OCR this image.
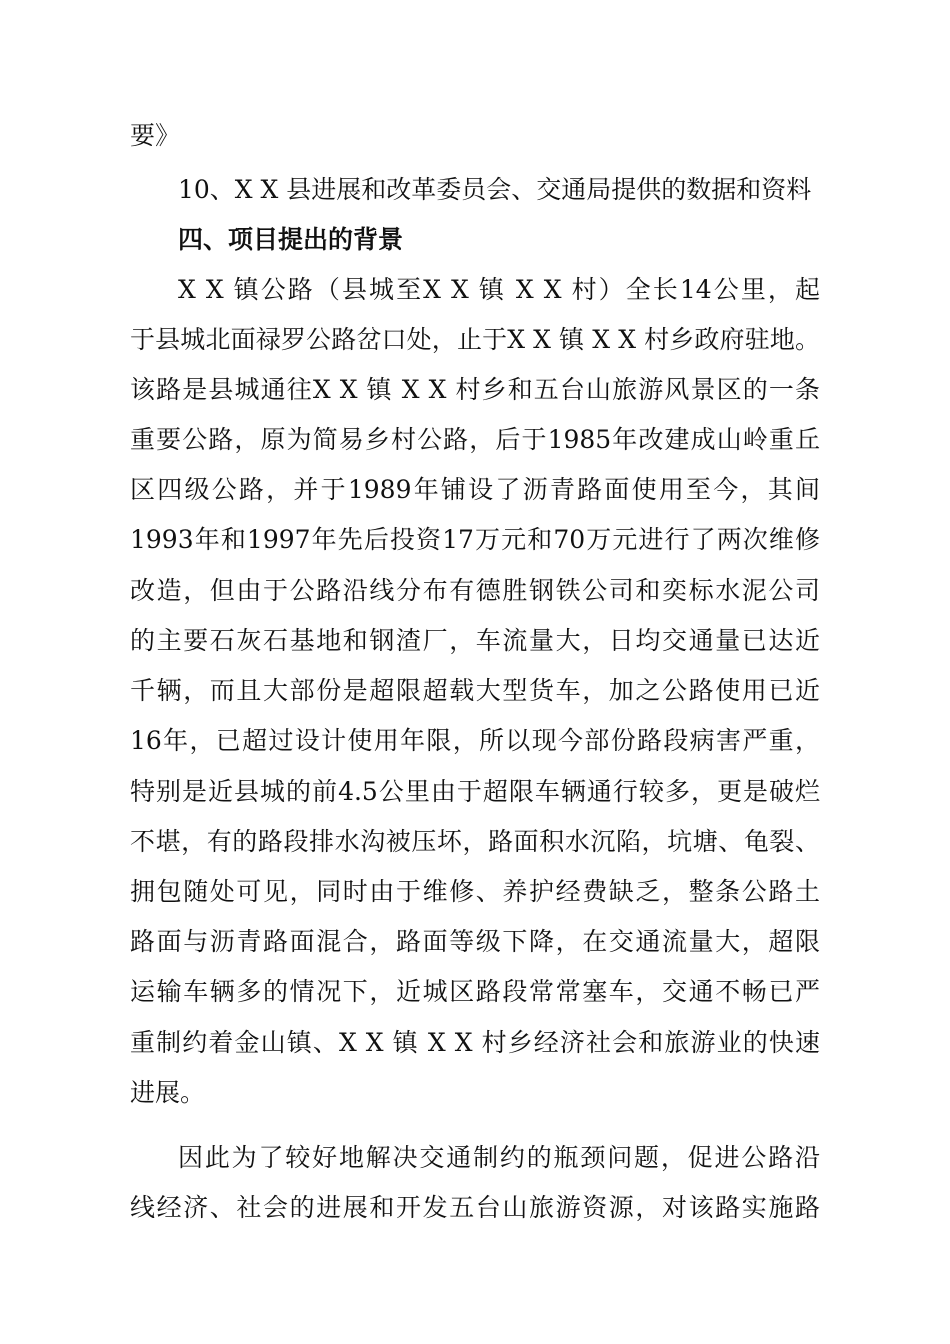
要》
10、X X 县进展和改革委员会、交通局提供的数据和资料
四、项目提出的背景
X X 镇公路（县城至X X 镇 X X 村）全长14公里，起
于县城北面禄罗公路岔口处，止于X X 镇 X X 村乡政府驻地。
该路是县城通往X X 镇 X X 村乡和五台山旅游风景区的一条
重要公路，原为简易乡村公路，后于1985年改建成山岭重丘
区四级公路，并于1989年铺设了沥青路面使用至今，其间
1993年和1997年先后投资17万元和70万元进行了两次维修
改造，但由于公路沿线分布有德胜钢铁公司和奕标水泥公司
的主要石灰石基地和钢渣厂，车流量大，日均交通量已达近
千辆，而且大部份是超限超载大型货车，加之公路使用已近
16年，已超过设计使用年限，所以现今部份路段病害严重，
特别是近县城的前4.5公里由于超限车辆通行较多，更是破烂
不堪，有的路段排水沟被压坏，路面积水沉陷，坑塘、龟裂、
拥包随处可见，同时由于维修、养护经费缺乏，整条公路土
路面与沥青路面混合，路面等级下降，在交通流量大，超限
运输车辆多的情况下，近城区路段常常塞车，交通不畅已严
重制约着金山镇、X X 镇 X X 村乡经济社会和旅游业的快速
进展。
因此为了较好地解决交通制约的瓶颈问题，促进公路沿
线经济、社会的进展和开发五台山旅游资源，对该路实施路
